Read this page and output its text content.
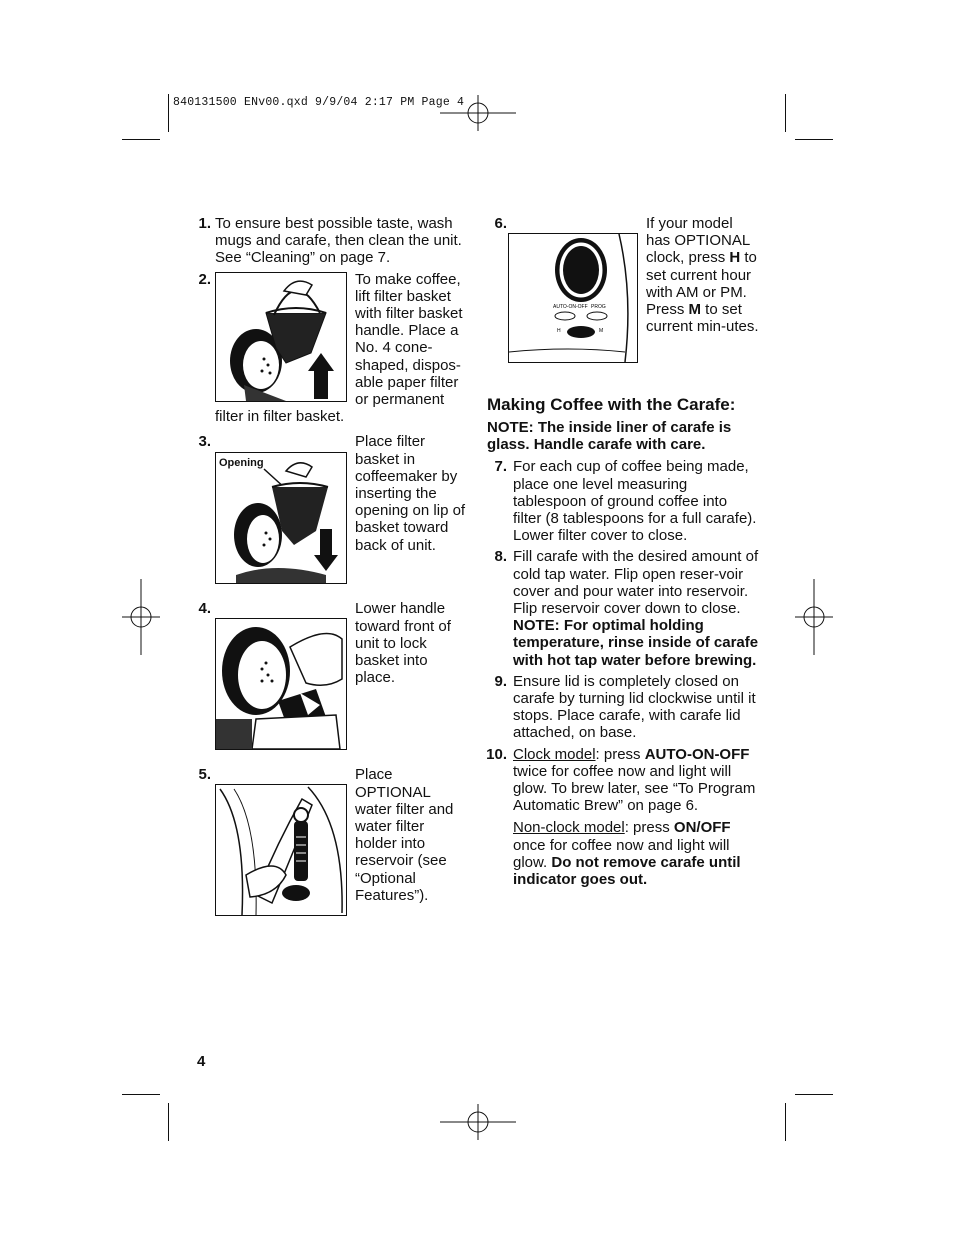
840131500 ENv00.qxd 9/9/04 2:17 PM Page 4
1. To ensure best possible taste, wash mugs and carafe, then clean the unit. See “Cleaning” on page 7.
2.	To make coffee, lift filter basket with filter basket handle. Place a No. 4 cone-shaped, dispos-able paper filter or permanent filter in filter basket.
3.
Opening
Place filter basket in coffeemaker by inserting the opening on lip of basket toward back of unit.
4.	Lower handle toward front of unit to lock basket into place.
5.	Place OPTIONAL water filter and water filter holder into reservoir (see “Optional Features”).
6.
AUTO-ON-OFF PROG
H	M
If your model has OPTIONAL clock, press H to set current hour with AM or PM. Press M to set current min-utes.
Making Coffee with the Carafe:
NOTE: The inside liner of carafe is glass. Handle carafe with care.
7. For each cup of coffee being made, place one level measuring tablespoon of ground coffee into filter (8 tablespoons for a full carafe). Lower filter cover to close.
8. Fill carafe with the desired amount of cold tap water. Flip open reser-voir cover and pour water into reservoir. Flip reservoir cover down to close.
NOTE: For optimal holding temperature, rinse inside of carafe with hot tap water before brewing.
9. Ensure lid is completely closed on carafe by turning lid clockwise until it stops. Place carafe, with carafe lid attached, on base.
10. Clock model: press AUTO-ON-OFF twice for coffee now and light will glow. To brew later, see “To Program Automatic Brew” on page 6.
Non-clock model: press ON/OFF once for coffee now and light will glow. Do not remove carafe until indicator goes out.
4
